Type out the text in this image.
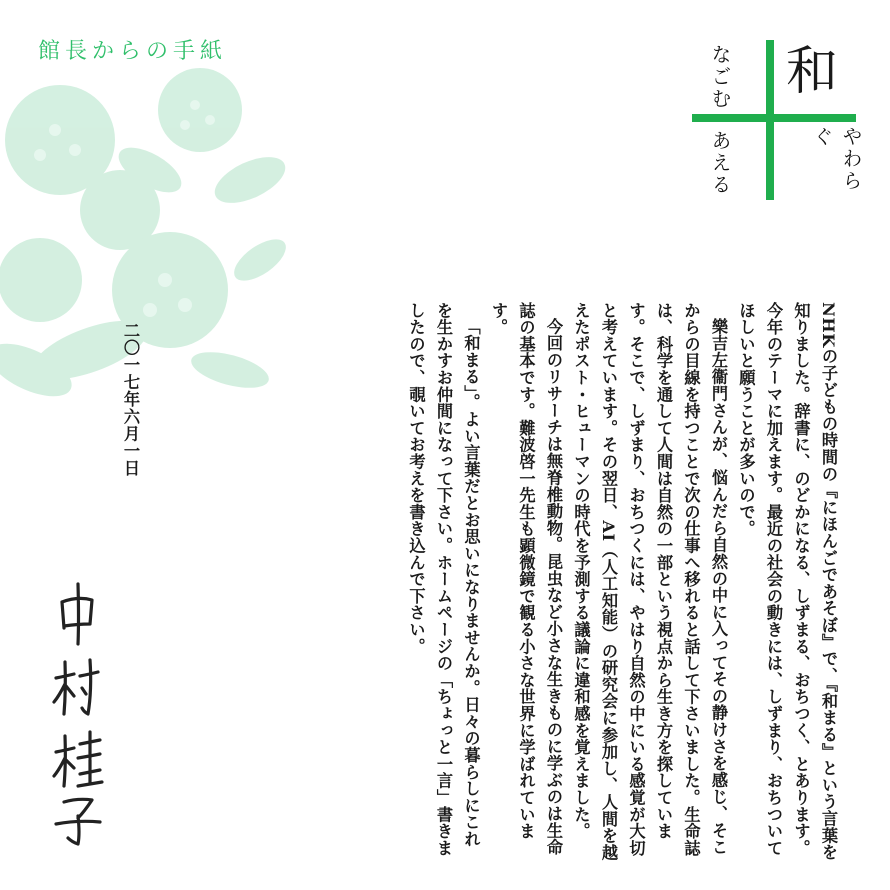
館長からの手紙	和
なごむ
あえる	やわらぐ

NHKの子どもの時間の『にほんごであそぼ』で、『和まる』という言葉を知りました。辞書に、のどかになる、しずまる、おちつく、とあります。今年のテーマに加えます。最近の社会の動きには、しずまり、おちついてほしいと願うことが多いので。

樂吉左衞門さんが、悩んだら自然の中に入ってその静けさを感じ、そこからの目線を持つことで次の仕事へ移れると話して下さいました。生命誌は、科学を通して人間は自然の一部という視点から生き方を探しています。そこで、しずまり、おちつくには、やはり自然の中にいる感覚が大切と考えています。その翌日、AI（人工知能）の研究会に参加し、人間を越えたポスト・ヒューマンの時代を予測する議論に違和感を覚えました。

今回のリサーチは無脊椎動物。昆虫など小さな生きものに学ぶのは生命誌の基本です。難波啓一先生も顕微鏡で観る小さな世界に学ばれています。

「和まる」。よい言葉だとお思いになりませんか。日々の暮らしにこれを生かすお仲間になって下さい。ホームページの「ちょっと一言」書きましたので、覗いてお考えを書き込んで下さい。

二〇一七年六月一日
